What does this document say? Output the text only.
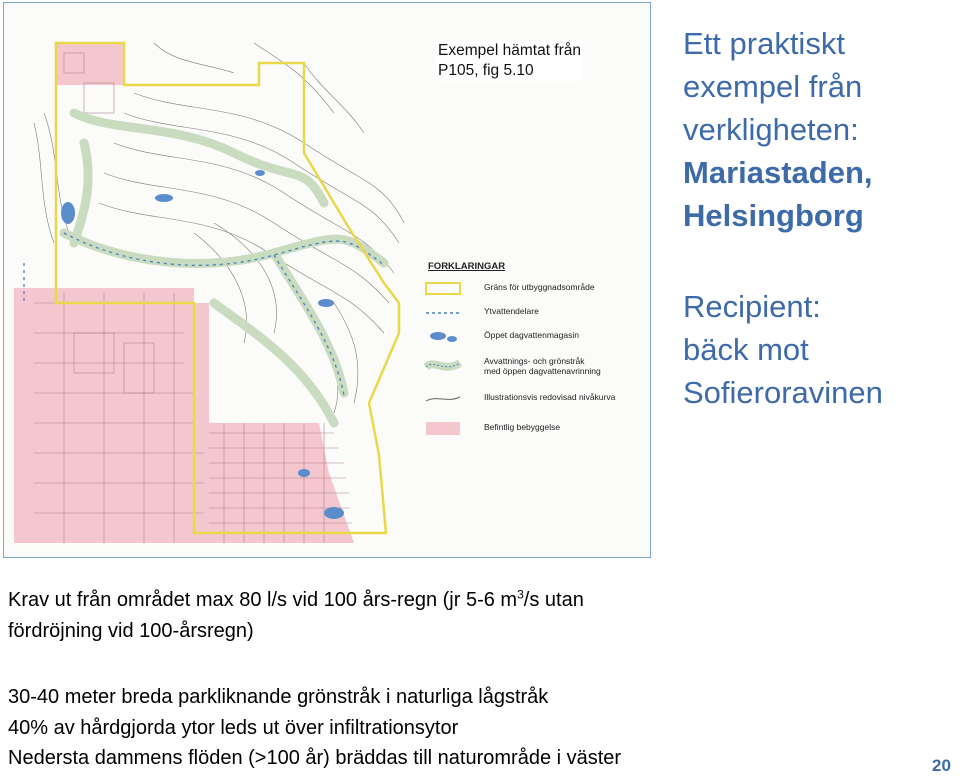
FORKLARINGAR
Gräns för utbyggnadsområde
Ytvattendelare
Öppet dagvattenmagasin
Avvattnings- och grönstråk
med öppen dagvattenavrinning
Illustrationsvis redovisad nivåkurva
Befintlig bebyggelse
Exempel hämtat från
P105, fig 5.10
Ett praktiskt
exempel från
verkligheten:
Mariastaden,
Helsingborg
Recipient:
bäck mot
Sofieroravinen
Krav ut från området max 80 l/s vid 100 års-regn (jr 5-6 $m^3/s$ utan
fördröjning vid 100-årsregn)
30-40 meter breda parkliknande grönstråk i naturliga lågstråk
40% av hårdgjorda ytor leds ut över infiltrationsytor
Nedersta dammens flöden (>100 år) bräddas till naturområde i väster	20
